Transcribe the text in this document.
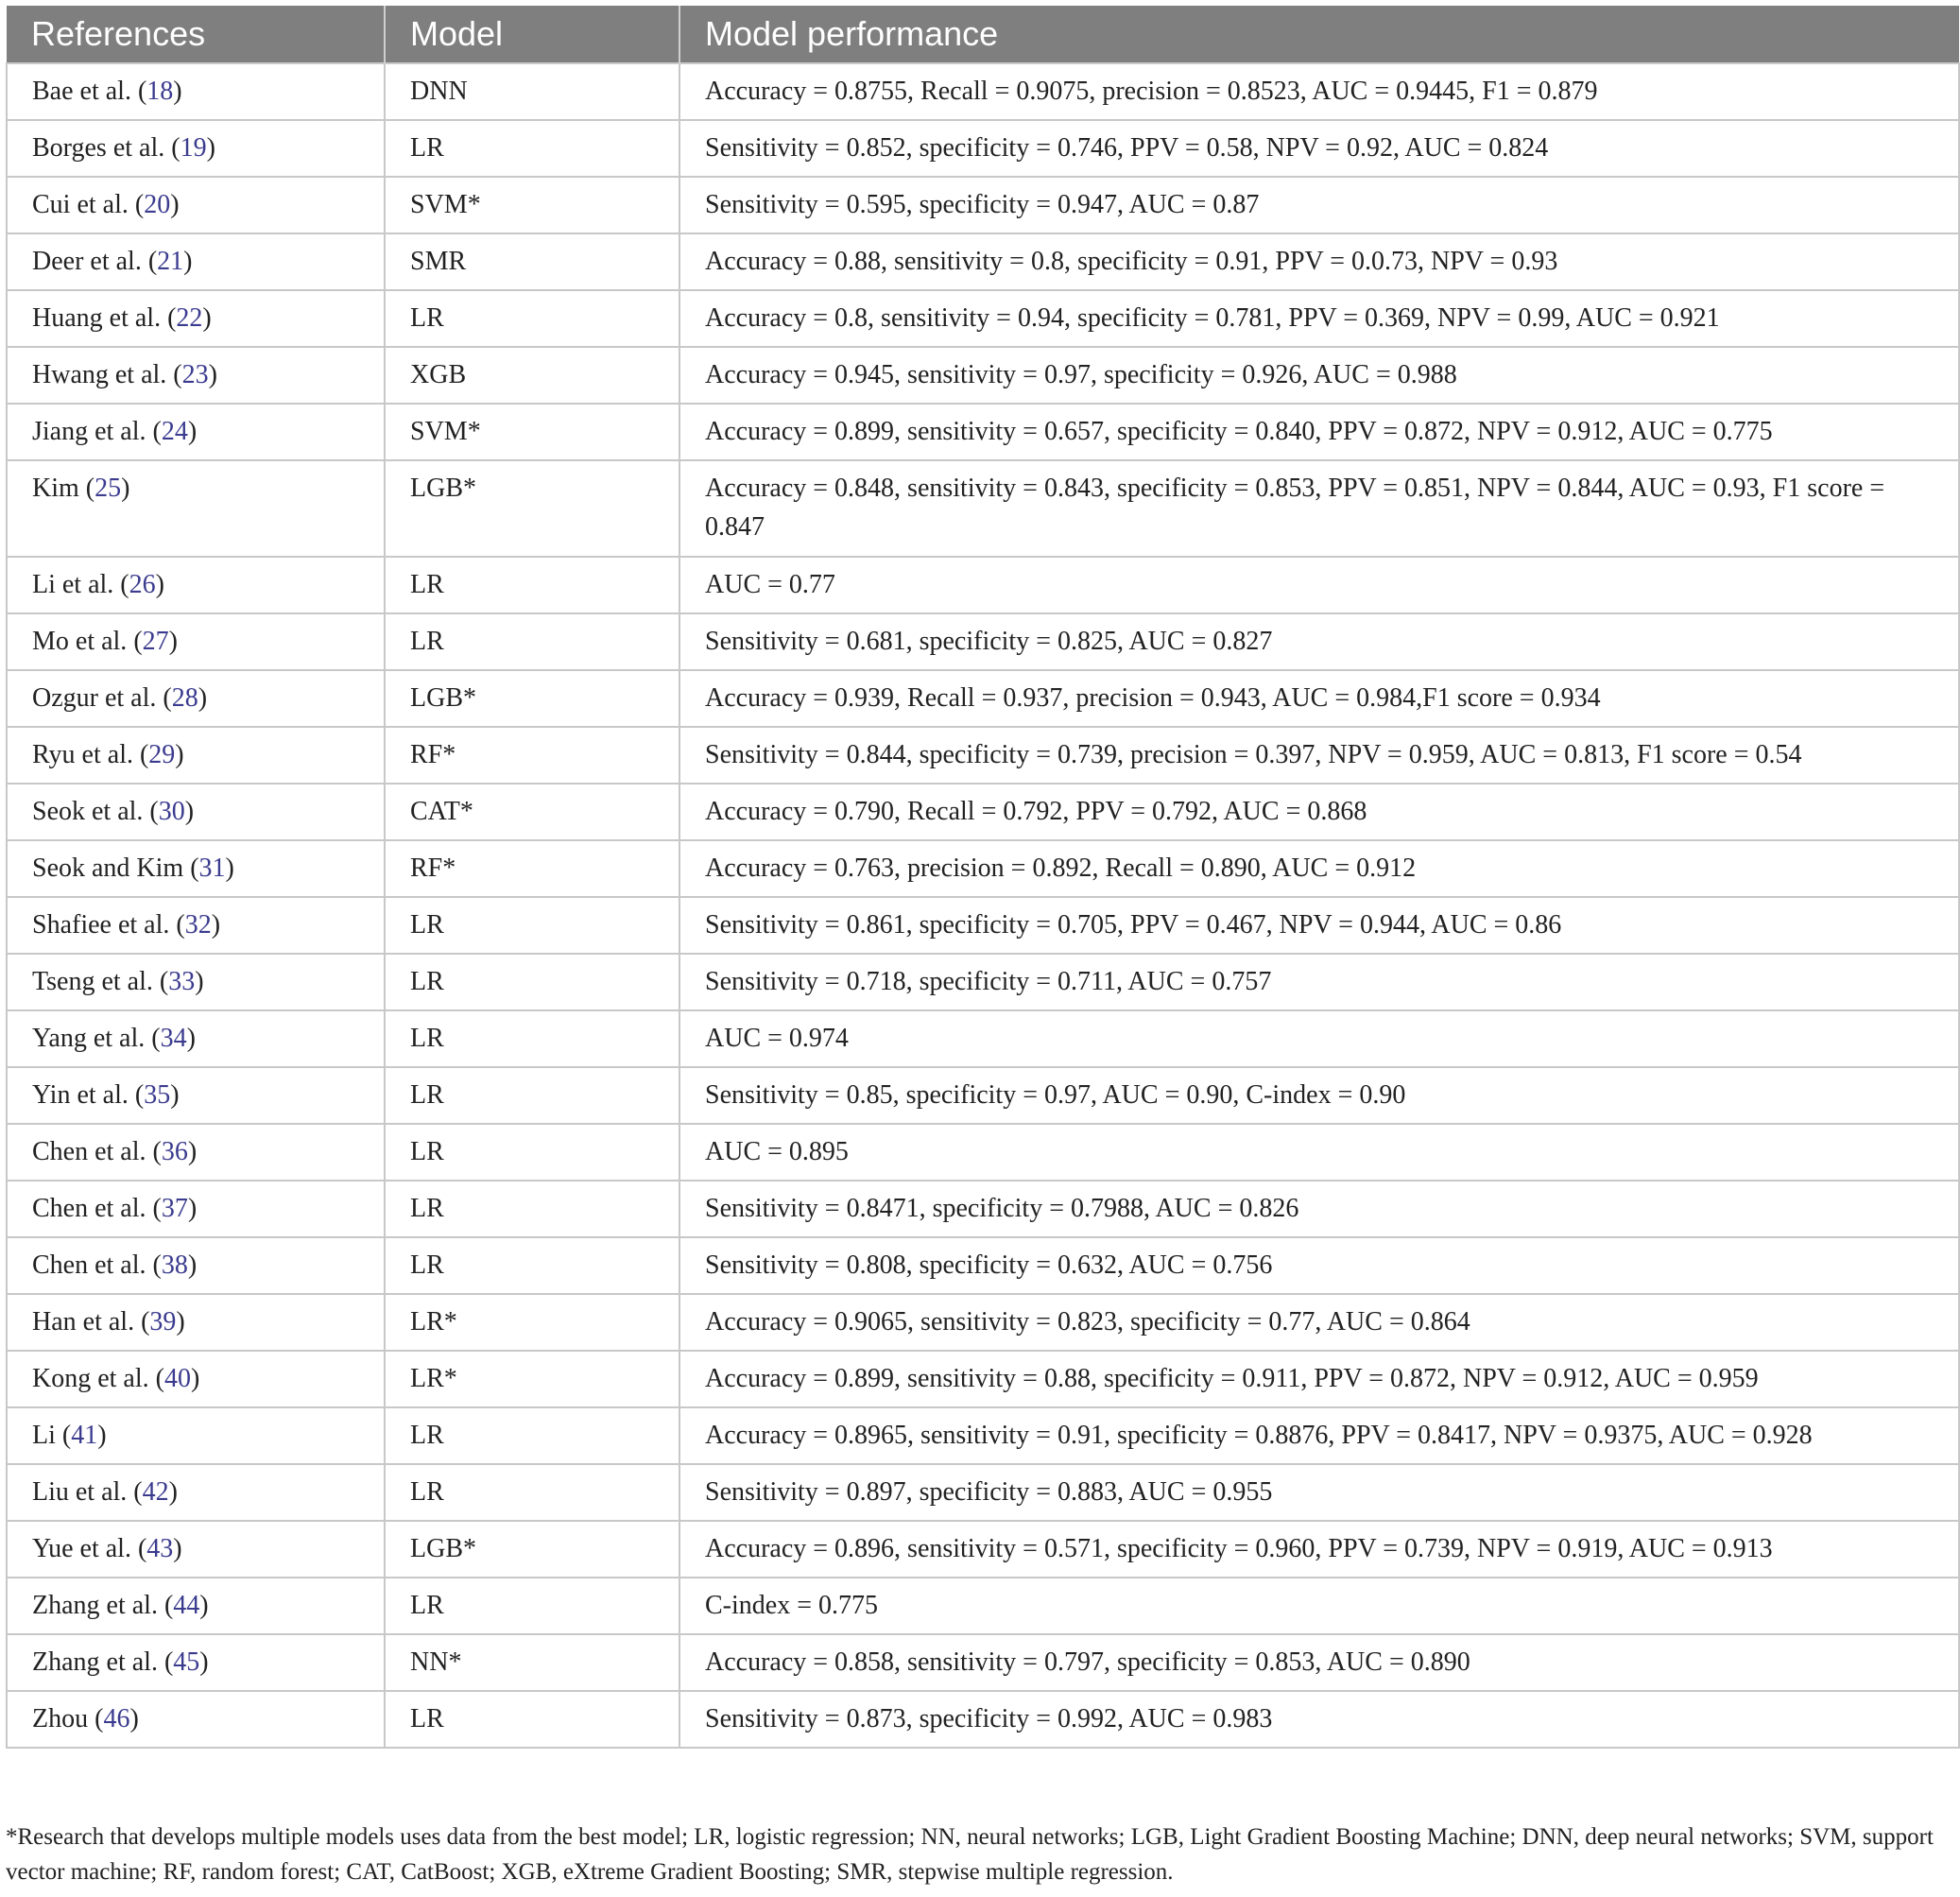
References	Model	Model performance
Bae et al. (18)	DNN	Accuracy = 0.8755, Recall = 0.9075, precision = 0.8523, AUC = 0.9445, F1 = 0.879
Borges et al. (19)	LR	Sensitivity = 0.852, specificity = 0.746, PPV = 0.58, NPV = 0.92, AUC = 0.824
Cui et al. (20)	SVM*	Sensitivity = 0.595, specificity = 0.947, AUC = 0.87
Deer et al. (21)	SMR	Accuracy = 0.88, sensitivity = 0.8, specificity = 0.91, PPV = 0.0.73, NPV = 0.93
Huang et al. (22)	LR	Accuracy = 0.8, sensitivity = 0.94, specificity = 0.781, PPV = 0.369, NPV = 0.99, AUC = 0.921
Hwang et al. (23)	XGB	Accuracy = 0.945, sensitivity = 0.97, specificity = 0.926, AUC = 0.988
Jiang et al. (24)	SVM*	Accuracy = 0.899, sensitivity = 0.657, specificity = 0.840, PPV = 0.872, NPV = 0.912, AUC = 0.775
Kim (25)	LGB*	Accuracy = 0.848, sensitivity = 0.843, specificity = 0.853, PPV = 0.851, NPV = 0.844, AUC = 0.93, F1 score = 0.847
Li et al. (26)	LR	AUC = 0.77
Mo et al. (27)	LR	Sensitivity = 0.681, specificity = 0.825, AUC = 0.827
Ozgur et al. (28)	LGB*	Accuracy = 0.939, Recall = 0.937, precision = 0.943, AUC = 0.984,F1 score = 0.934
Ryu et al. (29)	RF*	Sensitivity = 0.844, specificity = 0.739, precision = 0.397, NPV = 0.959, AUC = 0.813, F1 score = 0.54
Seok et al. (30)	CAT*	Accuracy = 0.790, Recall = 0.792, PPV = 0.792, AUC = 0.868
Seok and Kim (31)	RF*	Accuracy = 0.763, precision = 0.892, Recall = 0.890, AUC = 0.912
Shafiee et al. (32)	LR	Sensitivity = 0.861, specificity = 0.705, PPV = 0.467, NPV = 0.944, AUC = 0.86
Tseng et al. (33)	LR	Sensitivity = 0.718, specificity = 0.711, AUC = 0.757
Yang et al. (34)	LR	AUC = 0.974
Yin et al. (35)	LR	Sensitivity = 0.85, specificity = 0.97, AUC = 0.90, C-index = 0.90
Chen et al. (36)	LR	AUC = 0.895
Chen et al. (37)	LR	Sensitivity = 0.8471, specificity = 0.7988, AUC = 0.826
Chen et al. (38)	LR	Sensitivity = 0.808, specificity = 0.632, AUC = 0.756
Han et al. (39)	LR*	Accuracy = 0.9065, sensitivity = 0.823, specificity = 0.77, AUC = 0.864
Kong et al. (40)	LR*	Accuracy = 0.899, sensitivity = 0.88, specificity = 0.911, PPV = 0.872, NPV = 0.912, AUC = 0.959
Li (41)	LR	Accuracy = 0.8965, sensitivity = 0.91, specificity = 0.8876, PPV = 0.8417, NPV = 0.9375, AUC = 0.928
Liu et al. (42)	LR	Sensitivity = 0.897, specificity = 0.883, AUC = 0.955
Yue et al. (43)	LGB*	Accuracy = 0.896, sensitivity = 0.571, specificity = 0.960, PPV = 0.739, NPV = 0.919, AUC = 0.913
Zhang et al. (44)	LR	C-index = 0.775
Zhang et al. (45)	NN*	Accuracy = 0.858, sensitivity = 0.797, specificity = 0.853, AUC = 0.890
Zhou (46)	LR	Sensitivity = 0.873, specificity = 0.992, AUC = 0.983
*Research that develops multiple models uses data from the best model; LR, logistic regression; NN, neural networks; LGB, Light Gradient Boosting Machine; DNN, deep neural networks; SVM, support vector machine; RF, random forest; CAT, CatBoost; XGB, eXtreme Gradient Boosting; SMR, stepwise multiple regression.
